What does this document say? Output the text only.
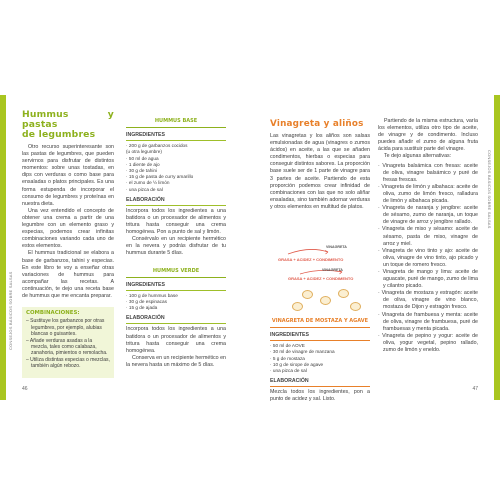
CONSEJOS BÁSICOS SOBRE SALSAS
46
Hummus y pastas
de legumbres

Otro recurso superinteresante son las pastas de legumbres, que pueden servirnos para disfrutar de distintos momentos: sobre unas tostadas, en dips con verduras o como base para ensaladas o platos principales. Es una forma estupenda de incorporar el consumo de legumbres y proteínas en nuestra dieta.

Una vez entendido el concepto de obtener una crema a partir de una legumbre con un elemento graso y especias, podemos crear infinitas combinaciones variando cada uno de estos elementos.

El hummus tradicional se elabora a base de garbanzos, tahini y especias. En este libro te voy a enseñar otras variaciones de hummus para acompañar las recetas. A continuación, te dejo una receta base de hummus que me encanta preparar.

COMBINACIONES:
– Sustituye los garbanzos por otras legumbres, por ejemplo, alubias blancas o guisantes.
– Añade verduras asadas a la mezcla, tales como calabaza, zanahoria, pimientos o remolacha.
– Utiliza distintas especias o mezclas, también algún rebozo.
HUMMUS BASE
INGREDIENTES
· 200 g de garbanzos cocidos
(u otra legumbre)
· 50 ml de agua
· 1 diente de ajo
· 30 g de tahini
· 15 g de pasta de curry amarillo
· el zumo de ½ limón
· una pizca de sal
ELABORACIÓN

Incorpora todos los ingredientes a una batidora o un procesador de alimentos y tritura hasta conseguir una crema homogénea. Pon a punto de sal y limón.

Consérvalo en un recipiente hermético en la nevera y podrás disfrutar de tu hummus durante 5 días.

HUMMUS VERDE
INGREDIENTES
· 100 g de hummus base
· 30 g de espinacas
· 15 g de ajada
ELABORACIÓN

Incorpora todos los ingredientes a una batidora o un procesador de alimentos y tritura hasta conseguir una crema homogénea.

Conserva en un recipiente hermético en la nevera hasta un máximo de 5 días.

CONSEJOS BÁSICOS SOBRE SALSAS
47
Vinagreta y aliños

Las vinagretas y los aliños son salsas emulsionadas de agua (vinagres o zumos ácidos) en aceite, a las que se añaden condimentos, hierbas o especias para conseguir distintos sabores. La proporción base suele ser de 1 parte de vinagre para 3 partes de aceite. Partiendo de esta proporción podemos crear infinidad de combinaciones con las que no solo aliñar ensaladas, sino también adornar verduras y otros elementos en multitud de platos.

VINAGRETA
GRASA + ACIDEZ + CONDIMENTO
VINAGRETA
GRASA + ACIDEZ + CONDIMENTO
VINAGRETA DE MOSTAZA Y AGAVE
INGREDIENTES
· 50 ml de AOVE
· 30 ml de vinagre de manzana
· 5 g de mostaza
· 10 g de sirope de agave
· una pizca de sal
ELABORACIÓN

Mezcla todos los ingredientes, pon a punto de acidez y sal. Listo.

Partiendo de la misma estructura, varía los elementos, utiliza otro tipo de aceite, de vinagre y de condimento. Incluso puedes añadir el zumo de alguna fruta ácida para sustituir parte del vinagre.

Te dejo algunas alternativas:

· Vinagreta balsámica con fresas: aceite de oliva, vinagre balsámico y puré de fresas frescas.
· Vinagreta de limón y albahaca: aceite de oliva, zumo de limón fresco, ralladura de limón y albahaca picada.
· Vinagreta de naranja y jengibre: aceite de sésamo, zumo de naranja, un toque de vinagre de arroz y jengibre rallado.
· Vinagreta de miso y sésamo: aceite de sésamo, pasta de miso, vinagre de arroz y miel.
· Vinagreta de vino tinto y ajo: aceite de oliva, vinagre de vino tinto, ajo picado y un toque de romero fresco.
· Vinagreta de mango y lima: aceite de aguacate, puré de mango, zumo de lima y cilantro picado.
· Vinagreta de mostaza y estragón: aceite de oliva, vinagre de vino blanco, mostaza de Dijon y estragón fresco.
· Vinagreta de frambuesa y menta: aceite de oliva, vinagre de frambuesa, puré de frambuesas y menta picada.
· Vinagreta de pepino y yogur: aceite de oliva, yogur vegetal, pepino rallado, zumo de limón y eneldo.
